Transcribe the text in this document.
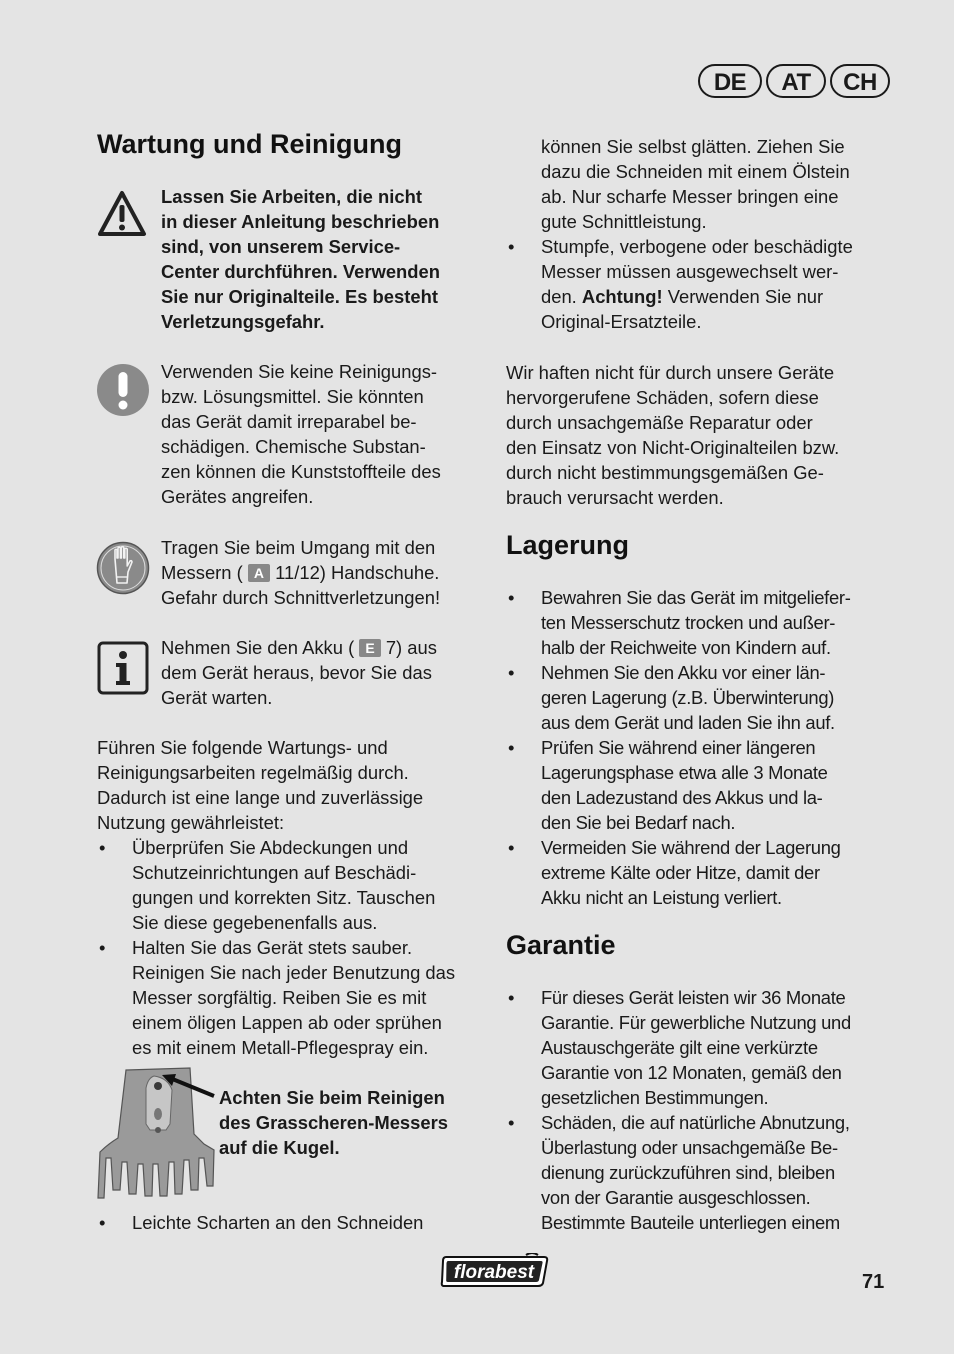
DE	AT	CH
Wartung und Reinigung

Lassen Sie Arbeiten, die nicht

in dieser Anleitung beschrieben

sind, von unserem Service-

Center durchführen. Verwenden

Sie nur Originalteile. Es besteht

Verletzungsgefahr.

Verwenden Sie keine Reinigungs-

bzw. Lösungsmittel. Sie könnten

das Gerät damit irreparabel be-

schädigen. Chemische Substan-

zen können die Kunststoffteile des

Gerätes angreifen.

Tragen Sie beim Umgang mit den

Messern ( A 11/12) Handschuhe.

Gefahr durch Schnittverletzungen!

Nehmen Sie den Akku ( E 7) aus

dem Gerät heraus, bevor Sie das

Gerät warten.

Führen Sie folgende Wartungs- und

Reinigungsarbeiten regelmäßig durch.

Dadurch ist eine lange und zuverlässige

Nutzung gewährleistet:

• Überprüfen Sie Abdeckungen und
Schutzeinrichtungen auf Beschädi-
gungen und korrekten Sitz. Tauschen
Sie diese gegebenenfalls aus.
• Halten Sie das Gerät stets sauber.
Reinigen Sie nach jeder Benutzung das
Messer sorgfältig. Reiben Sie es mit
einem öligen Lappen ab oder sprühen
es mit einem Metall-Pflegespray ein.

Achten Sie beim Reinigen

des Grasscheren-Messers

auf die Kugel.

• Leichte Scharten an den Schneiden

können Sie selbst glätten. Ziehen Sie

dazu die Schneiden mit einem Ölstein

ab. Nur scharfe Messer bringen eine

gute Schnittleistung.

• Stumpfe, verbogene oder beschädigte
Messer müssen ausgewechselt wer-
den. Achtung! Verwenden Sie nur
Original-Ersatzteile.

Wir haften nicht für durch unsere Geräte

hervorgerufene Schäden, sofern diese

durch unsachgemäße Reparatur oder

den Einsatz von Nicht-Originalteilen bzw.

durch nicht bestimmungsgemäßen Ge-

brauch verursacht werden.

Lagerung
• Bewahren Sie das Gerät im mitgeliefer-
ten Messerschutz trocken und außer-
halb der Reichweite von Kindern auf.
• Nehmen Sie den Akku vor einer län-
geren Lagerung (z.B. Überwinterung)
aus dem Gerät und laden Sie ihn auf.
• Prüfen Sie während einer längeren
Lagerungsphase etwa alle 3 Monate
den Ladezustand des Akkus und la-
den Sie bei Bedarf nach.
• Vermeiden Sie während der Lagerung
extreme Kälte oder Hitze, damit der
Akku nicht an Leistung verliert.
Garantie
• Für dieses Gerät leisten wir 36 Monate
Garantie. Für gewerbliche Nutzung und
Austauschgeräte gilt eine verkürzte
Garantie von 12 Monaten, gemäß den
gesetzlichen Bestimmungen.
• Schäden, die auf natürliche Abnutzung,
Überlastung oder unsachgemäße Be-
dienung zurückzuführen sind, bleiben
von der Garantie ausgeschlossen.
Bestimmte Bauteile unterliegen einem
florabest	71
